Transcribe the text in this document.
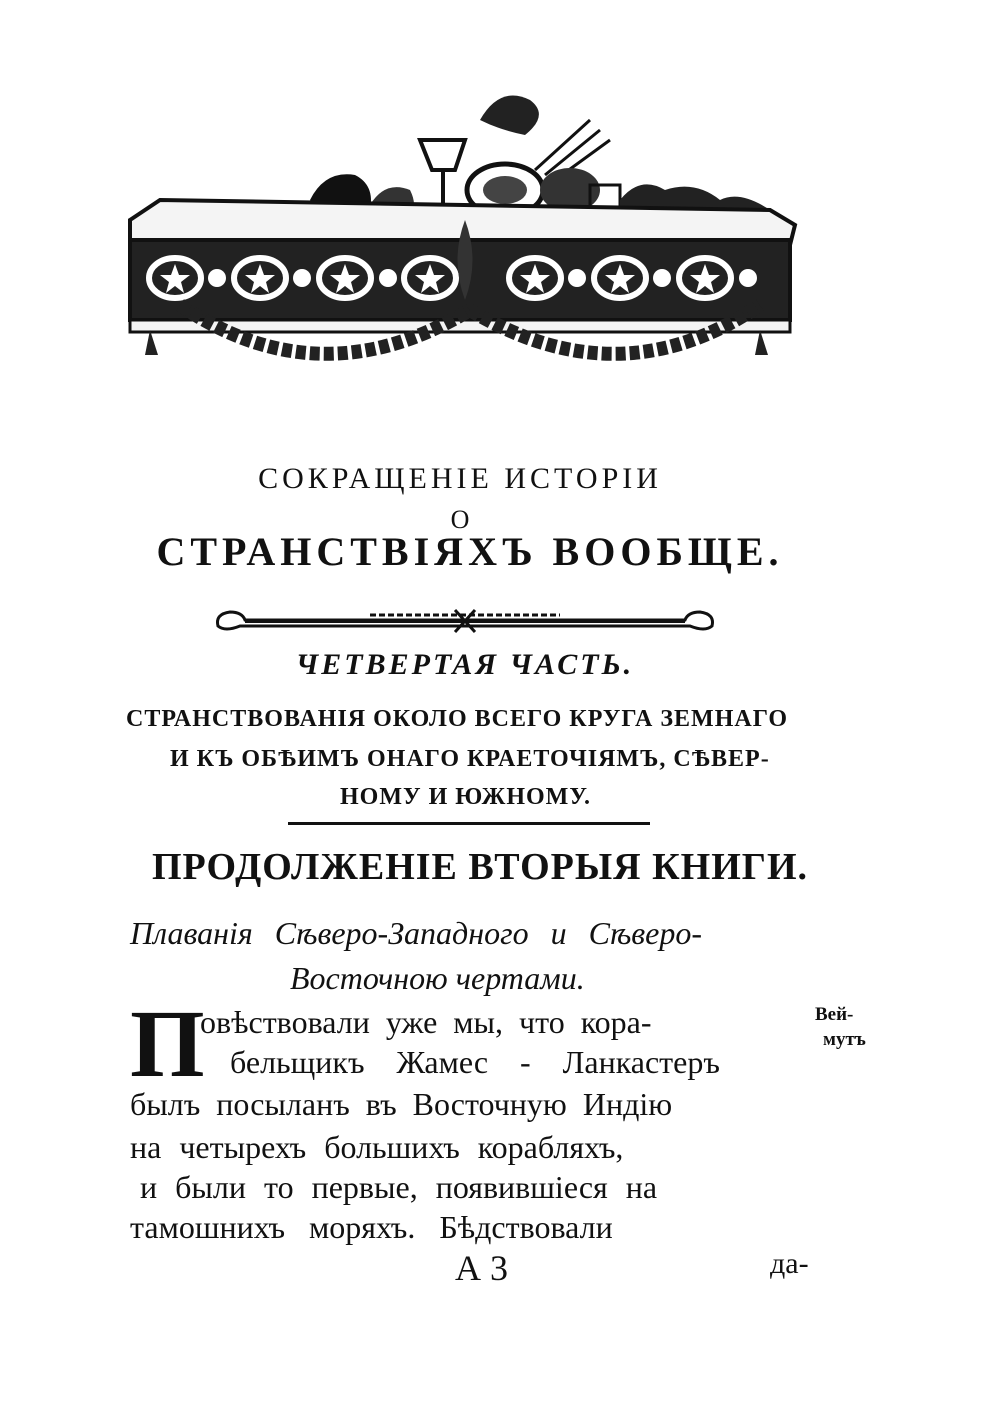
СОКРАЩЕНІЕ ИСТОРІИ
О
СТРАНСТВІЯХЪ ВООБЩЕ.
ЧЕТВЕРТАЯ ЧАСТЬ.
СТРАНСТВОВАНІЯ ОКОЛО ВСЕГО КРУГА ЗЕМНАГО
И КЪ ОБѢИМЪ ОНАГО КРАЕТОЧІЯМЪ, СѢВЕР-
НОМУ И ЮЖНОМУ.
ПРОДОЛЖЕНІЕ ВТОРЫЯ КНИГИ.
Плаванія Сѣверо-Западного и Сѣверо-
Восточною чертами.
П
овѣствовали уже мы, что кора-
бельщикъ Жамес - Ланкастеръ
былъ посыланъ въ Восточную Индію
на четырехъ большихъ корабляхъ,
и были то первые, появившіеся на
тамошнихъ моряхъ. Бѣдствовали
Вей-
мутъ
А 3	да-
